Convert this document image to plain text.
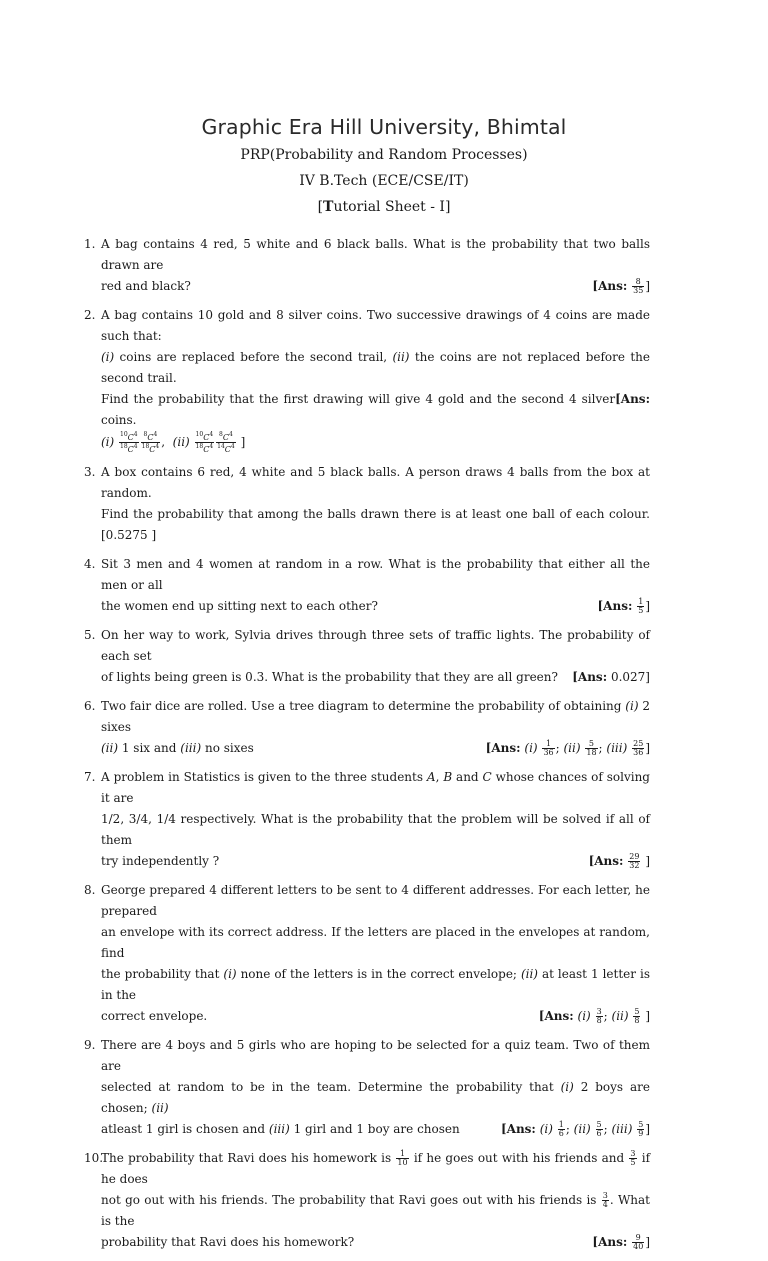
Graphic Era Hill University, Bhimtal
PRP(Probability and Random Processes)
IV B.Tech (ECE/CSE/IT)
[Tutorial Sheet - I]
1. A bag contains 4 red, 5 white and 6 black balls. What is the probability that two balls drawn are
red and black?	[Ans: $\frac{8}{35}$ ]
2. A bag contains 10 gold and 8 silver coins. Two successive drawings of 4 coins are made such that:
(i) coins are replaced before the second trail, (ii) the coins are not replaced before the second trail.
Find the probability that the first drawing will give 4 gold and the second 4 silver coins.
[Ans:
$(i) \frac{^{10}C^4}{^{18}C^4} \frac{^8C^4}{^{18}C^4}$ ,  $(ii) \frac{^{10}C^4}{^{18}C^4} \frac{^8C^4}{^{14}C^4}$ ]
3. A box contains 6 red, 4 white and 5 black balls. A person draws 4 balls from the box at random.
Find the probability that among the balls drawn there is at least one ball of each colour. [0.5275 ]
4. Sit 3 men and 4 women at random in a row. What is the probability that either all the men or all
the women end up sitting next to each other?	[Ans: $\frac{1}{5}$ ]
5. On her way to work, Sylvia drives through three sets of traffic lights. The probability of each set
of lights being green is 0.3. What is the probability that they are all green? [Ans: 0.027]
6. Two fair dice are rolled. Use a tree diagram to determine the probability of obtaining (i) 2 sixes
(ii) 1 six and (iii) no sixes	[Ans: $(i) \frac{1}{36}$ ; $(ii) \frac{5}{18}$ ; $(iii) \frac{25}{36}$ ]
7. A problem in Statistics is given to the three students A, B and C whose chances of solving it are
1/2, 3/4, 1/4 respectively. What is the probability that the problem will be solved if all of them
try independently ?	[Ans: $\frac{29}{32}$ ]
8. George prepared 4 different letters to be sent to 4 different addresses. For each letter, he prepared
an envelope with its correct address. If the letters are placed in the envelopes at random, find
the probability that (i) none of the letters is in the correct envelope; (ii) at least 1 letter is in the
correct envelope.	[Ans: $(i) \frac{3}{8}$ ; $(ii) \frac{5}{8}$ ]
9. There are 4 boys and 5 girls who are hoping to be selected for a quiz team. Two of them are
selected at random to be in the team. Determine the probability that (i) 2 boys are chosen; (ii)
atleast 1 girl is chosen and (iii) 1 girl and 1 boy are chosen	[Ans: $(i) \frac{1}{6}$ ; $(ii) \frac{5}{6}$ ; $(iii) \frac{5}{9}$ ]
10.
The probability that Ravi does his homework is $\frac{1}{10}$ if he goes out with his friends and $\frac{3}{5}$ if he does
not go out with his friends. The probability that Ravi goes out with his friends is $\frac{3}{4}$ . What is the
probability that Ravi does his homework?	[Ans: $\frac{9}{40}$ ]
